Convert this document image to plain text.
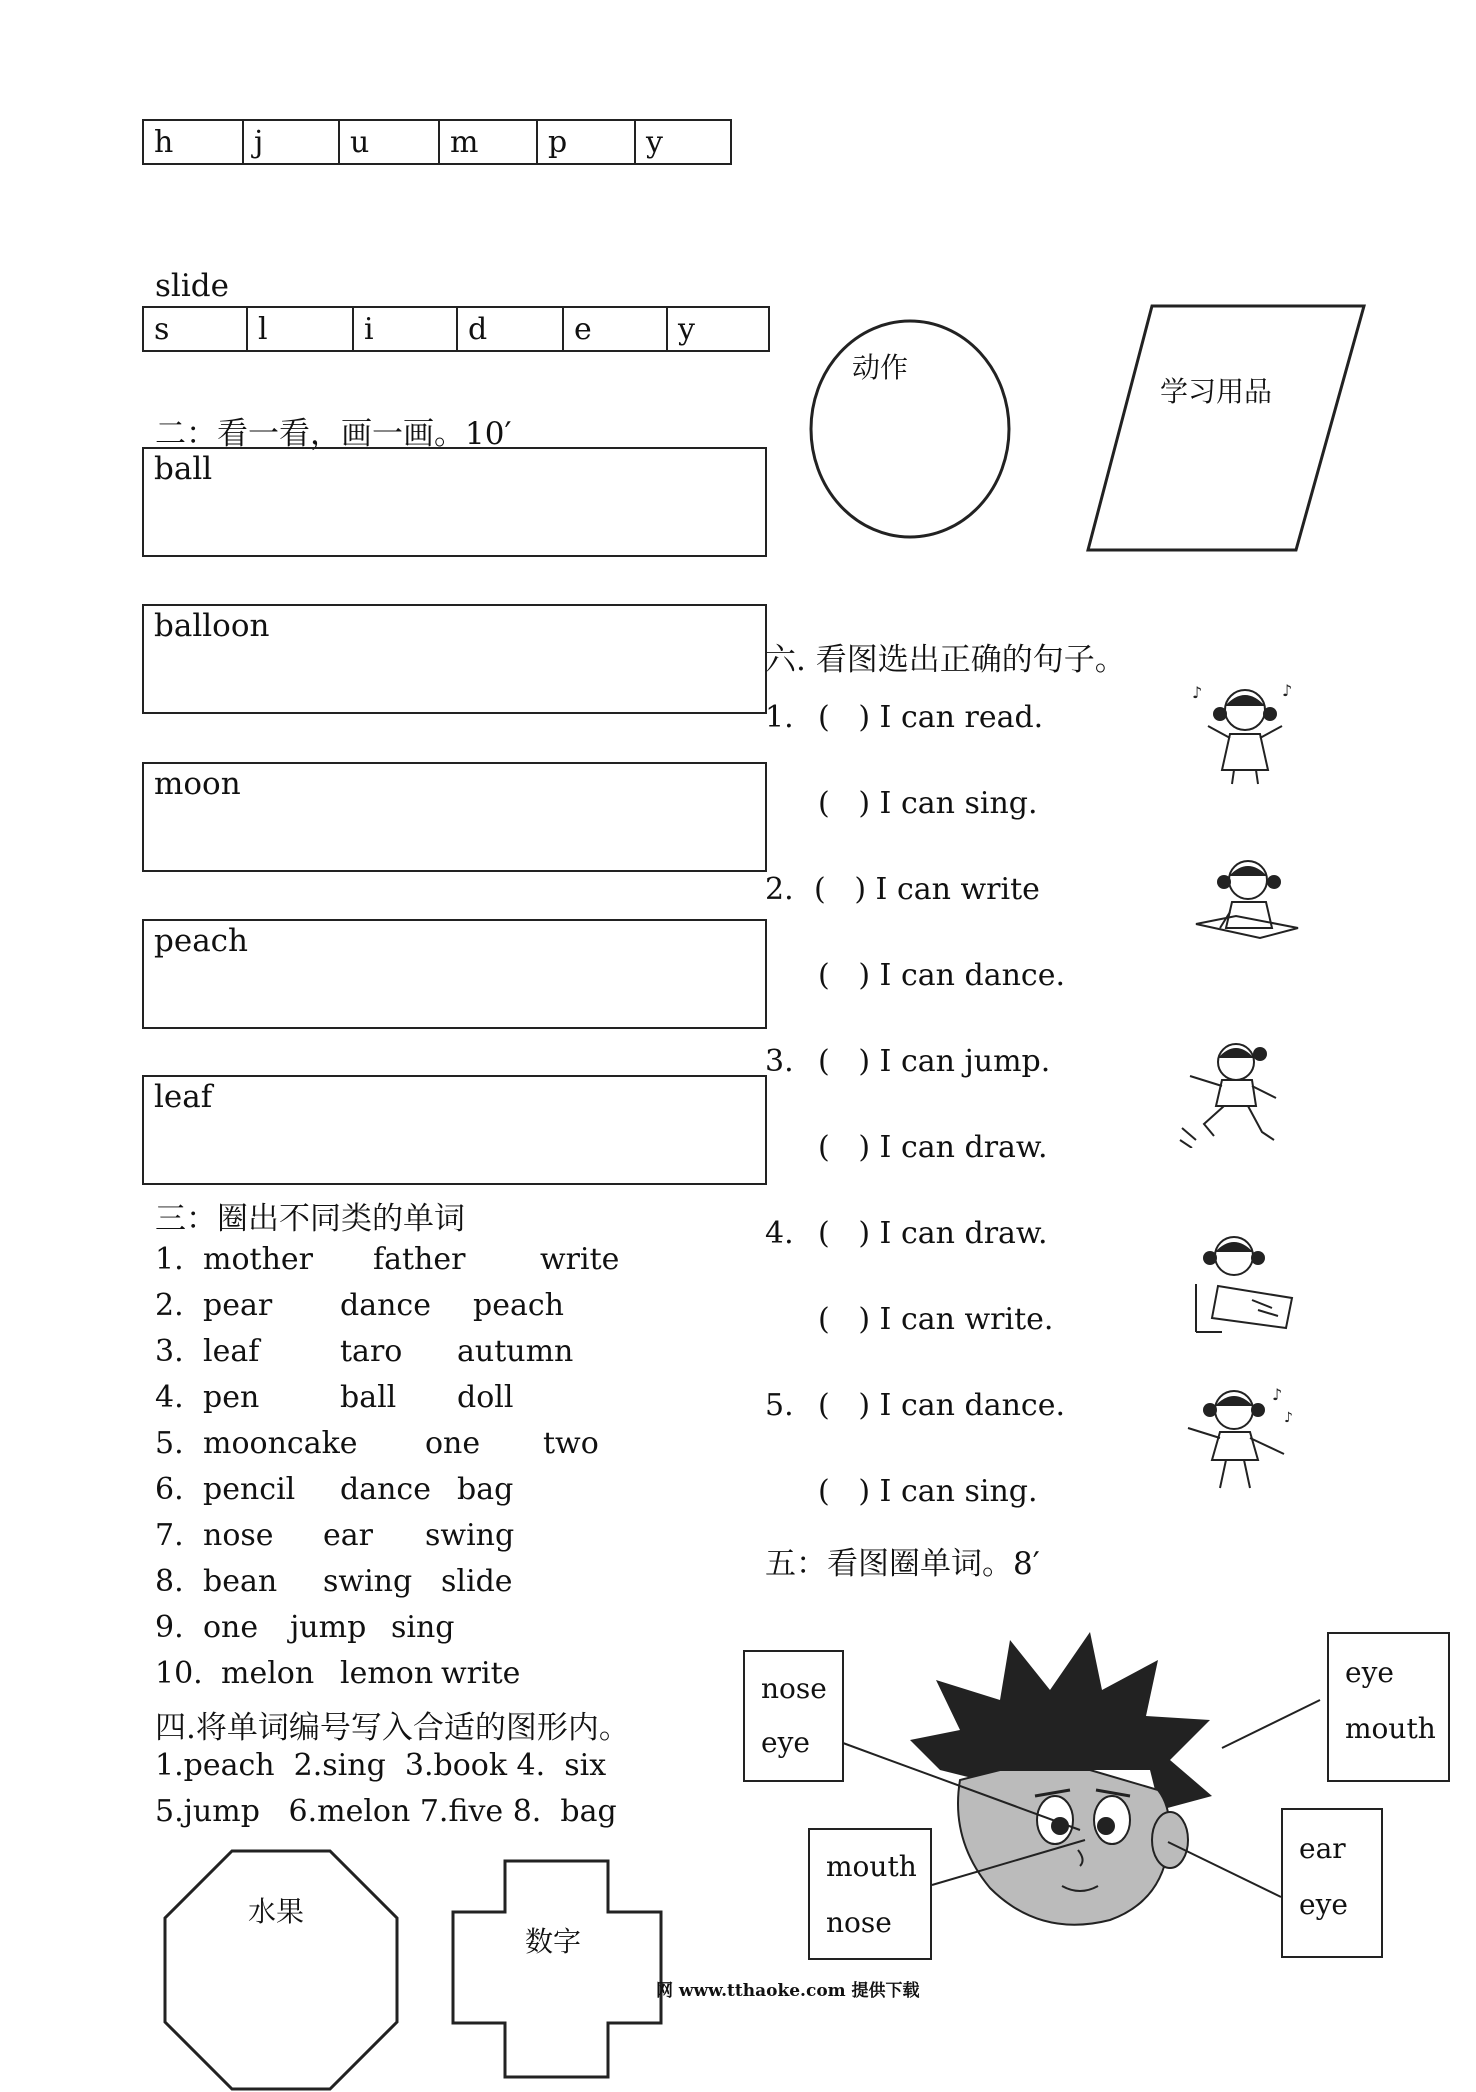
h	j	u	m	p	y
slide
s	l	i	d	e	y
二：看一看，画一画。10′
ball
balloon
moon
peach
leaf
动作
学习用品
三：圈出不同类的单词

1. mother father write

2. pear dance peach

3. leaf	taro autumn

4. pen	ball doll

5. mooncake one two

6. pencil dance bag

7. nose ear swing

8. bean swing slide

9. one jump sing

10. melon lemon write

四.将单词编号写入合适的图形内。
1.peach  2.sing  3.book 4.  six
5.jump   6.melon 7.five 8.  bag
水果
数字
六. 看图选出正确的句子。
1. (   ) I can read.
(   ) I can sing.
2. (   ) I can write
(   ) I can dance.
3. (   ) I can jump.
(   ) I can draw.
4. (   ) I can draw.
(   ) I can write.
5. (   ) I can dance.
(   ) I can sing.
♪	♪
♪
♪
五：看图圈单词。8′
nose
eye
eye
mouth
mouth
nose
ear
eye
网 www.tthaoke.com 提供下载
